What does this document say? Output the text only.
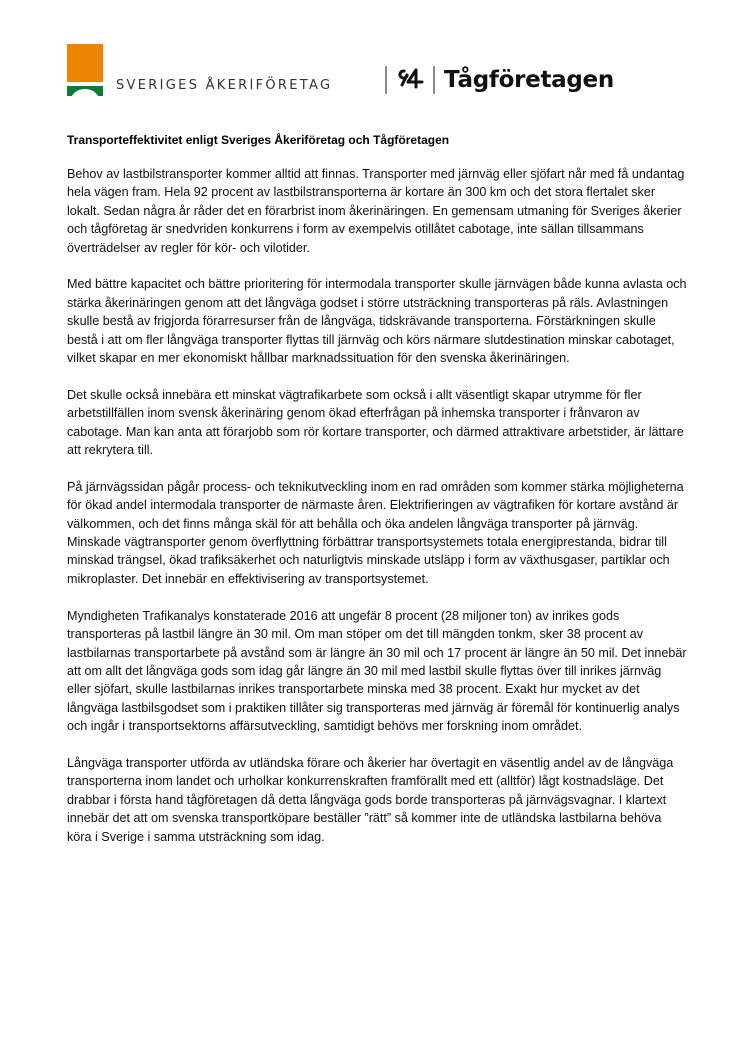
SVERIGES ÅKERIFÖRETAG	Tågföretagen
Transporteffektivitet enligt Sveriges Åkeriföretag och Tågföretagen

Behov av lastbilstransporter kommer alltid att finnas. Transporter med järnväg eller sjöfart når med få undantag hela vägen fram. Hela 92 procent av lastbilstransporterna är kortare än 300 km och det stora flertalet sker lokalt. Sedan några år råder det en förarbrist inom åkerinäringen. En gemensam utmaning för Sveriges åkerier och tågföretag är snedvriden konkurrens i form av exempelvis otillåtet cabotage, inte sällan tillsammans överträdelser av regler för kör- och vilotider.

Med bättre kapacitet och bättre prioritering för intermodala transporter skulle järnvägen både kunna avlasta och stärka åkerinäringen genom att det långväga godset i större utsträckning transporteras på räls. Avlastningen skulle bestå av frigjorda förarresurser från de långväga, tidskrävande transporterna. Förstärkningen skulle bestå i att om fler långväga transporter flyttas till järnväg och körs närmare slutdestination minskar cabotaget, vilket skapar en mer ekonomiskt hållbar marknadssituation för den svenska åkerinäringen.

Det skulle också innebära ett minskat vägtrafikarbete som också i allt väsentligt skapar utrymme för fler arbetstillfällen inom svensk åkerinäring genom ökad efterfrågan på inhemska transporter i frånvaron av cabotage. Man kan anta att förarjobb som rör kortare transporter, och därmed attraktivare arbetstider, är lättare att rekrytera till.

På järnvägssidan pågår process- och teknikutveckling inom en rad områden som kommer stärka möjligheterna för ökad andel intermodala transporter de närmaste åren. Elektrifieringen av vägtrafiken för kortare avstånd är välkommen, och det finns många skäl för att behålla och öka andelen långväga transporter på järnväg. Minskade vägtransporter genom överflyttning förbättrar transportsystemets totala energiprestanda, bidrar till minskad trängsel, ökad trafiksäkerhet och naturligtvis minskade utsläpp i form av växthusgaser, partiklar och mikroplaster. Det innebär en effektivisering av transportsystemet.

Myndigheten Trafikanalys konstaterade 2016 att ungefär 8 procent (28 miljoner ton) av inrikes gods transporteras på lastbil längre än 30 mil. Om man stöper om det till mängden tonkm, sker 38 procent av lastbilarnas transportarbete på avstånd som är längre än 30 mil och 17 procent är längre än 50 mil. Det innebär att om allt det långväga gods som idag går längre än 30 mil med lastbil skulle flyttas över till inrikes järnväg eller sjöfart, skulle lastbilarnas inrikes transportarbete minska med 38 procent. Exakt hur mycket av det långväga lastbilsgodset som i praktiken tillåter sig transporteras med järnväg är föremål för kontinuerlig analys och ingår i transportsektorns affärsutveckling, samtidigt behövs mer forskning inom området.

Långväga transporter utförda av utländska förare och åkerier har övertagit en väsentlig andel av de långväga transporterna inom landet och urholkar konkurrenskraften framförallt med ett (alltför) lågt kostnadsläge. Det drabbar i första hand tågföretagen då detta långväga gods borde transporteras på järnvägsvagnar. I klartext innebär det att om svenska transportköpare beställer ”rätt” så kommer inte de utländska lastbilarna behöva köra i Sverige i samma utsträckning som idag.
